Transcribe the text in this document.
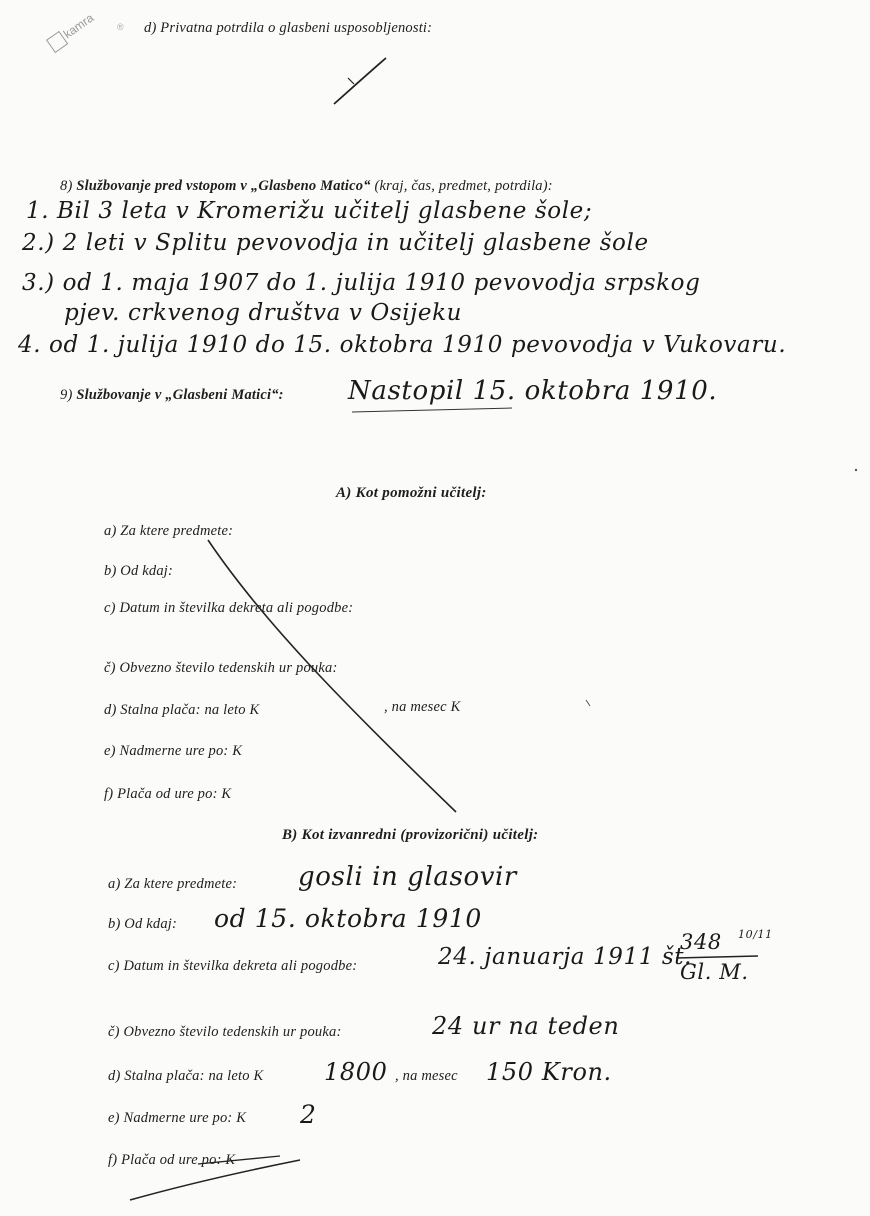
kamra ® d) Privatna potrdila o glasbeni usposobljenosti:
8) Službovanje pred vstopom v „Glasbeno Matico“ (kraj, čas, predmet, potrdila):
1. Bil 3 leta v Kromerižu učitelj glasbene šole;
2.) 2 leti v Splitu pevovodja in učitelj glasbene šole
3.) od 1. maja 1907 do 1. julija 1910 pevovodja srpskog
pjev. crkvenog društva v Osijeku
4. od 1. julija 1910 do 15. oktobra 1910 pevovodja v Vukovaru.
9) Službovanje v „Glasbeni Matici“: Nastopil 15. oktobra 1910.
A) Kot pomožni učitelj:
a) Za ktere predmete:
b) Od kdaj:
c) Datum in številka dekreta ali pogodbe:
č) Obvezno število tedenskih ur pouka:
d) Stalna plača: na leto K	, na mesec K
e) Nadmerne ure po: K
f) Plača od ure po: K
B) Kot izvanredni (provizorični) učitelj:
a) Za ktere predmete: gosli in glasovir
b) Od kdaj: od 15. oktobra 1910
c) Datum in številka dekreta ali pogodbe:	24. januarja 1911 št.
348 10/11
Gl. M.
č) Obvezno število tedenskih ur pouka:	24 ur na teden
d) Stalna plača: na leto K	1800 , na mesec 150 Kron.
e) Nadmerne ure po: K 2
f) Plača od ure po: K
